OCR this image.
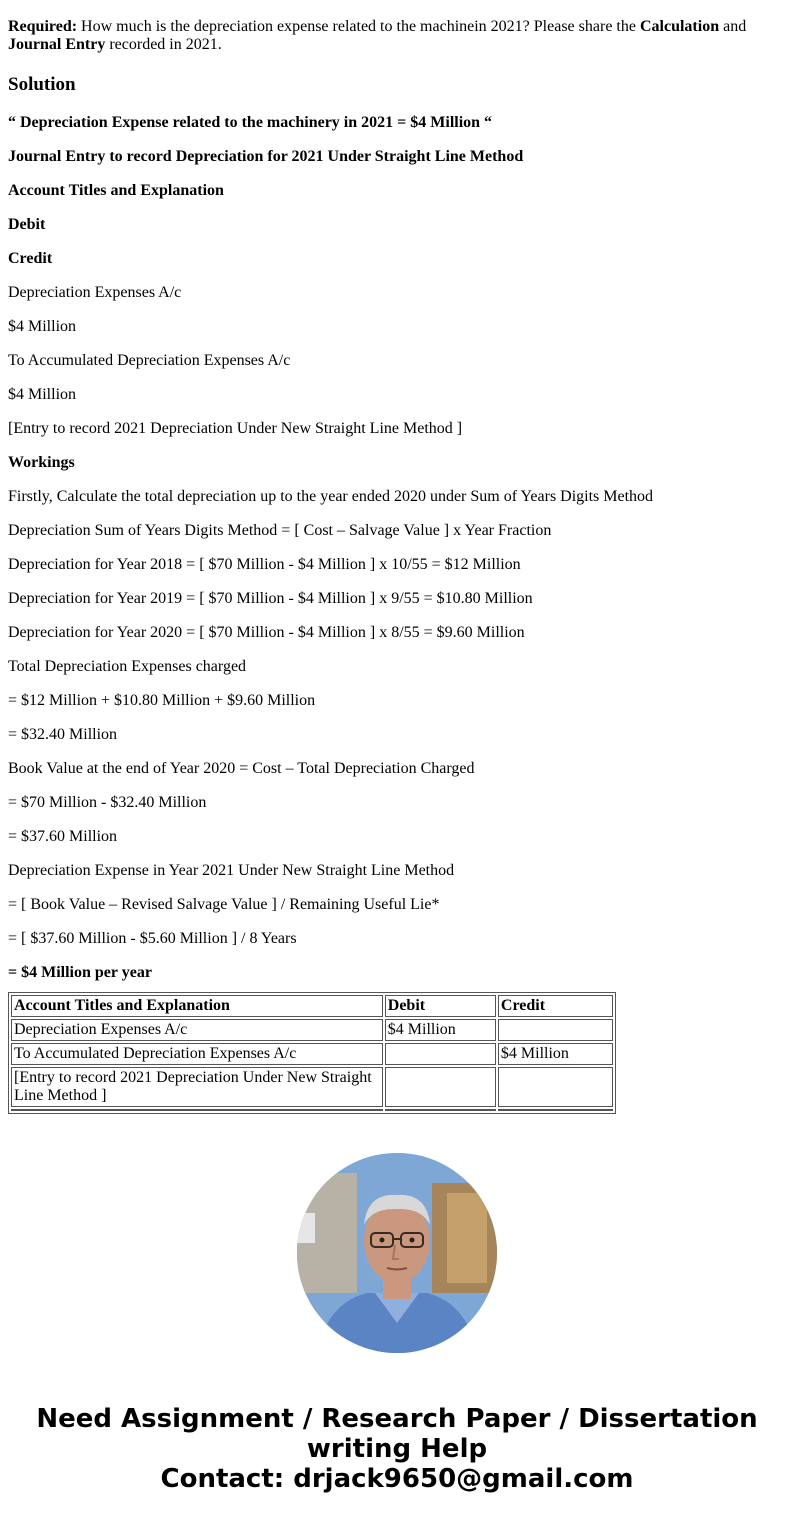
Required: How much is the depreciation expense related to the machinein 2021? Please share the Calculation and Journal Entry recorded in 2021.

Solution

“ Depreciation Expense related to the machinery in 2021 = $4 Million “

Journal Entry to record Depreciation for 2021 Under Straight Line Method

Account Titles and Explanation

Debit

Credit

Depreciation Expenses A/c

$4 Million

To Accumulated Depreciation Expenses A/c

$4 Million

[Entry to record 2021 Depreciation Under New Straight Line Method ]

Workings

Firstly, Calculate the total depreciation up to the year ended 2020 under Sum of Years Digits Method

Depreciation Sum of Years Digits Method = [ Cost – Salvage Value ] x Year Fraction

Depreciation for Year 2018 = [ $70 Million - $4 Million ] x 10/55 = $12 Million

Depreciation for Year 2019 = [ $70 Million - $4 Million ] x 9/55 = $10.80 Million

Depreciation for Year 2020 = [ $70 Million - $4 Million ] x 8/55 = $9.60 Million

Total Depreciation Expenses charged

= $12 Million + $10.80 Million + $9.60 Million

= $32.40 Million

Book Value at the end of Year 2020 = Cost – Total Depreciation Charged

= $70 Million - $32.40 Million

= $37.60 Million

Depreciation Expense in Year 2021 Under New Straight Line Method

= [ Book Value – Revised Salvage Value ] / Remaining Useful Lie*

= [ $37.60 Million - $5.60 Million ] / 8 Years

= $4 Million per year

Account Titles and Explanation	Debit	Credit
Depreciation Expenses A/c	$4 Million	
To Accumulated Depreciation Expenses A/c		$4 Million
[Entry to record 2021 Depreciation Under New Straight Line Method ]		

Need Assignment / Research Paper / Dissertation writing Help
Contact: drjack9650@gmail.com
